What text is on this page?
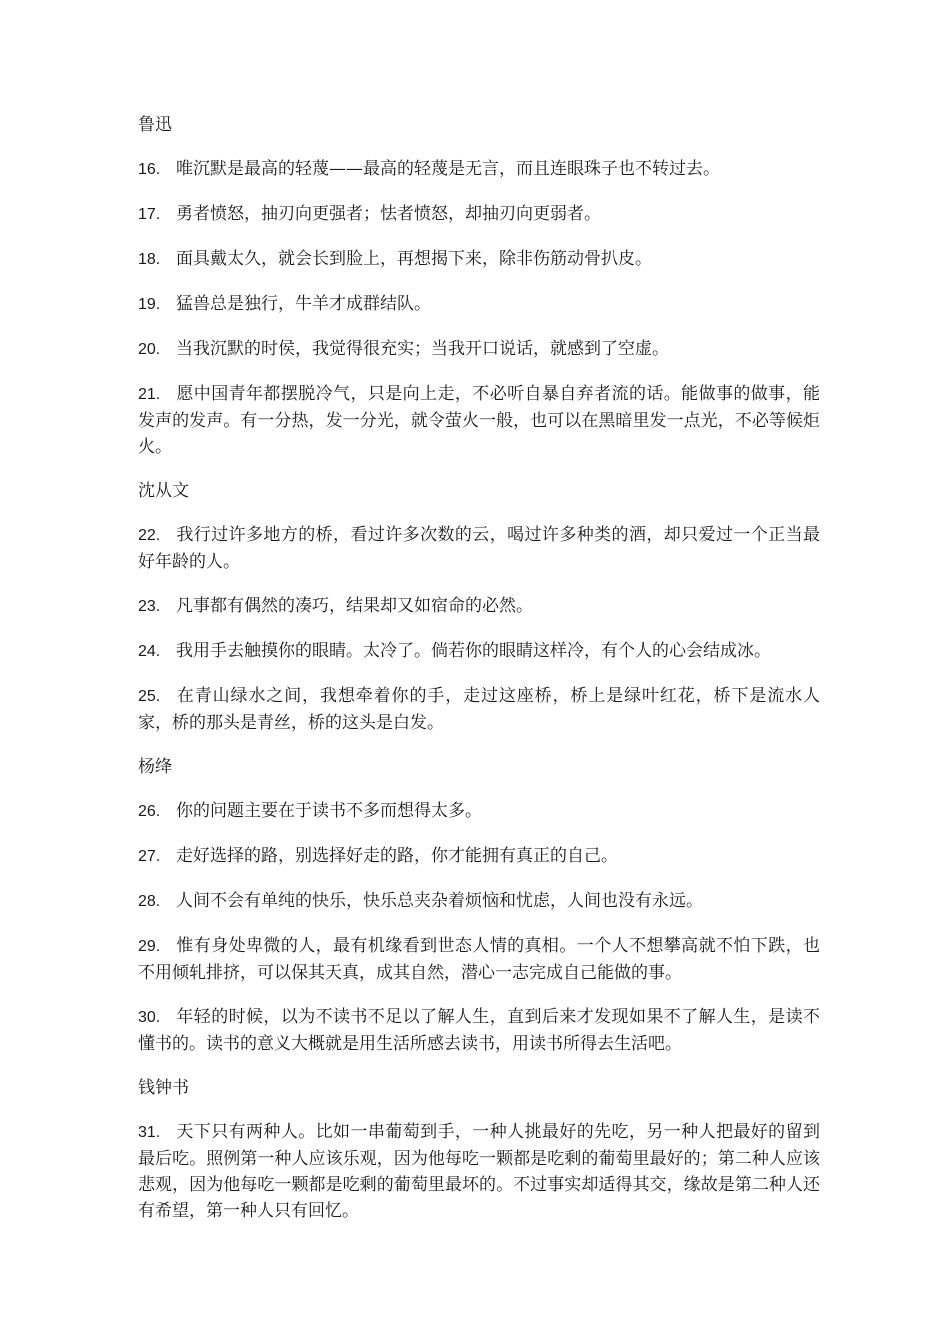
鲁迅

16. 唯沉默是最高的轻蔑——最高的轻蔑是无言，而且连眼珠子也不转过去。

17. 勇者愤怒，抽刃向更强者；怯者愤怒，却抽刃向更弱者。

18. 面具戴太久，就会长到脸上，再想揭下来，除非伤筋动骨扒皮。

19. 猛兽总是独行，牛羊才成群结队。

20. 当我沉默的时侯，我觉得很充实；当我开口说话，就感到了空虚。

21. 愿中国青年都摆脱冷气，只是向上走，不必听自暴自弃者流的话。能做事的做事，能发声的发声。有一分热，发一分光，就令萤火一般，也可以在黑暗里发一点光，不必等候炬火。

沈从文

22. 我行过许多地方的桥，看过许多次数的云，喝过许多种类的酒，却只爱过一个正当最好年龄的人。

23. 凡事都有偶然的凑巧，结果却又如宿命的必然。

24. 我用手去触摸你的眼睛。太冷了。倘若你的眼睛这样冷，有个人的心会结成冰。

25. 在青山绿水之间，我想牵着你的手，走过这座桥，桥上是绿叶红花，桥下是流水人家，桥的那头是青丝，桥的这头是白发。

杨绛

26. 你的问题主要在于读书不多而想得太多。

27. 走好选择的路，别选择好走的路，你才能拥有真正的自己。

28. 人间不会有单纯的快乐，快乐总夹杂着烦恼和忧虑，人间也没有永远。

29. 惟有身处卑微的人，最有机缘看到世态人情的真相。一个人不想攀高就不怕下跌，也不用倾轧排挤，可以保其天真，成其自然，潜心一志完成自己能做的事。

30. 年轻的时候，以为不读书不足以了解人生，直到后来才发现如果不了解人生，是读不懂书的。读书的意义大概就是用生活所感去读书，用读书所得去生活吧。

钱钟书

31. 天下只有两种人。比如一串葡萄到手，一种人挑最好的先吃，另一种人把最好的留到最后吃。照例第一种人应该乐观，因为他每吃一颗都是吃剩的葡萄里最好的；第二种人应该悲观，因为他每吃一颗都是吃剩的葡萄里最坏的。不过事实却适得其交，缘故是第二种人还有希望，第一种人只有回忆。
